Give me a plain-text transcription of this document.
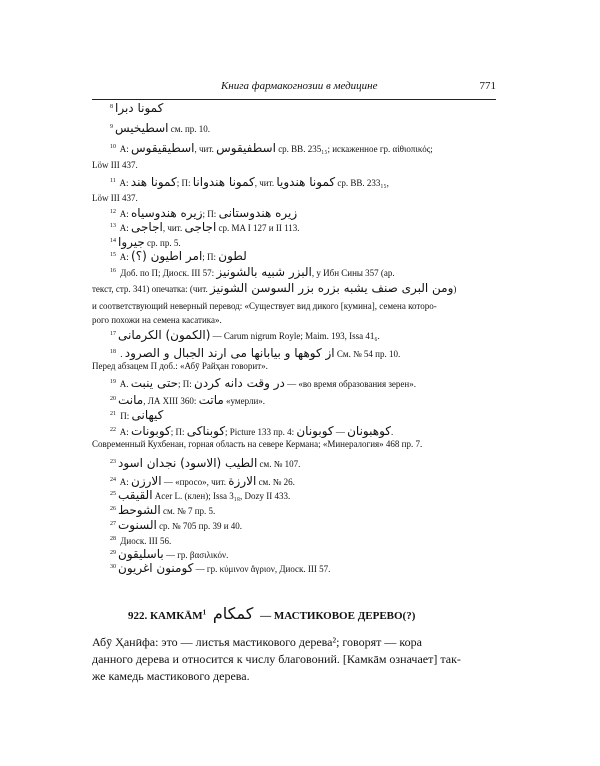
Книга фармакогнозии в медицине	771
$^8$ کمونا دبرا
$^9$ اسطیخیس см. пр. 10.
$^{10}$ A: اسطیقیقوس, чит. اسطفیقوس ср. BB. 235₁₅; искаженное гр. αἰθιοπικός;
Löw III 437.
$^{11}$ A: کمونا هند; П: کمونا هندوانا, чит. کمونا هندویا ср. BB. 233₁₅,
Löw III 437.
$^{12}$ A: زیره هندوسیاه; П: زیره هندوستانی
$^{13}$ A: اجاجی, чит. اجاجی ср. MA I 127 и II 113.
$^{14}$ جیروا ср. пр. 5.
$^{15}$ A: امر اطیون (؟); П: لطون
$^{16}$ Доб. по П; Диоск. III 57: البزر شبیه بالشونیز, у Ибн Сины 357 (ар.
текст, стр. 341) опечатка: (чит. ومن البری صنف یشبه بزره بزر السوسن الشونیز)
и соответствующий неверный перевод: «Существует вид дикого [кумина], семена которо-
рого похожи на семена касатика».
$^{17}$ (الکمون) الکرمانی — Carum nigrum Royle; Maim. 193, Issa 41₆.
$^{18}$ . از کوهها و بیابانها می ارند الجبال و الصرود См. № 54 пр. 10.
Перед абзацем П доб.: «Абӯ Райҳан говорит».
$^{19}$ A. حتی ینبت; П: در وقت دانه کردن — «во время образования зерен».
$^{20}$ مانت, ЛА XIII 360: ماتت «умерли».
$^{21}$ П: کیهانی
$^{22}$ A: کوبونات; П: کوبناکی; Picture 133 пр. 4: کوبونان — کوهبونان.
Современный Кухбенан, горная область на севере Кермана; «Минералогия» 468 пр. 7.
$^{23}$ الطیب (الاسود) نجدان اسود см. № 107.
$^{24}$ A: الارزن — «просо», чит. الارزة см. № 26.
$^{25}$ القیقب Acer L. (клен); Issa 3₁₈, Dozy II 433.
$^{26}$ الشوحط см. № 7 пр. 5.
$^{27}$ السنوت ср. № 705 пр. 39 и 40.
$^{28}$ Диоск. III 56.
$^{29}$ باسلیقون — гр. βασιλικόν.
$^{30}$ کومنون اغریون — гр. κύμινον ἄγριον, Диоск. III 57.
922. КАМКĀМ$^1$ کمکام — МАСТИКОВОЕ ДЕРЕВО(?)
Абӯ Ҳанӣфа: это — листья мастикового дерева²; говорят — кора
данного дерева и относится к числу благовоний. [Камкāм означает] так-
же камедь мастикового дерева.
